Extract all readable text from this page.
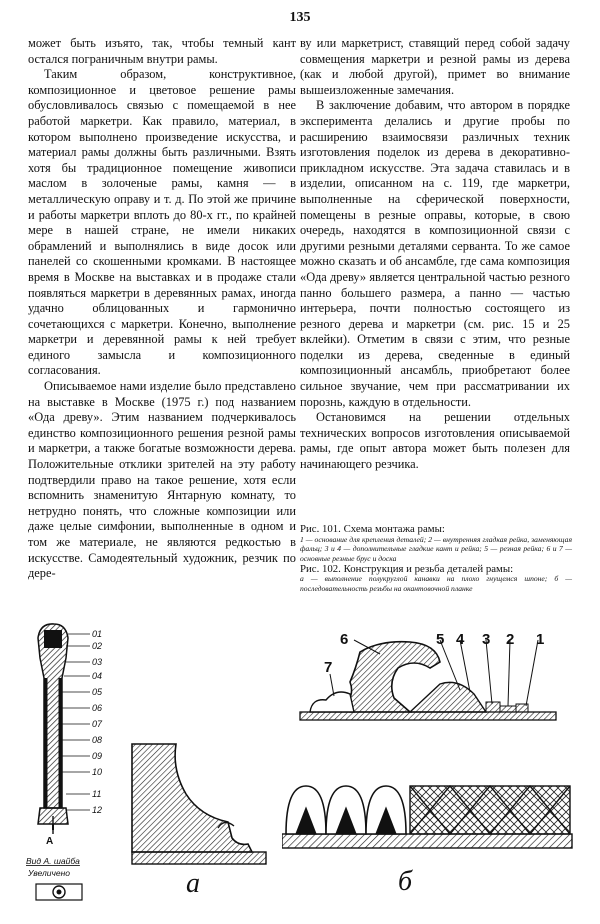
135

может быть изъято, так, чтобы темный кант остался пограничным внутри рамы.

Таким образом, конструктивное, композиционное и цветовое решение рамы обусловливалось связью с помещаемой в нее работой маркетри. Как правило, материал, в котором выполнено произведение искусства, и материал рамы должны быть различными. Взять хотя бы традиционное помещение живописи маслом в золоченые рамы, камня — в металлическую оправу и т. д. По этой же причине и работы маркетри вплоть до 80-х гг., по крайней мере в нашей стране, не имели никаких обрамлений и выполнялись в виде досок или панелей со скошенными кромками. В настоящее время в Москве на выставках и в продаже стали появляться маркетри в деревянных рамах, иногда удачно облицованных и гармонично сочетающихся с маркетри. Конечно, выполнение маркетри и деревянной рамы к ней требует единого замысла и композиционного согласования.

Описываемое нами изделие было представлено на выставке в Москве (1975 г.) под названием «Ода древу». Этим названием подчеркивалось единство композиционного решения резной рамы и маркетри, а также богатые возможности дерева. Положительные отклики зрителей на эту работу подтвердили право на такое решение, хотя если вспомнить знаменитую Янтарную комнату, то нетрудно понять, что сложные композиции или даже целые симфонии, выполненные в одном и том же материале, не являются редкостью в искусстве. Самодеятельный художник, резчик по дере-

ву или маркетрист, ставящий перед собой задачу совмещения маркетри и резной рамы из дерева (как и любой другой), примет во внимание вышеизложенные замечания.

В заключение добавим, что автором в порядке эксперимента делались и другие пробы по расширению взаимосвязи различных техник изготовления поделок из дерева в декоративно-прикладном искусстве. Эта задача ставилась и в изделии, описанном на с. 119, где маркетри, выполненные на сферической поверхности, помещены в резные оправы, которые, в свою очередь, находятся в композиционной связи с другими резными деталями серванта. То же самое можно сказать и об ансамбле, где сама композиция «Ода древу» является центральной частью резного панно большего размера, а панно — частью интерьера, почти полностью состоящего из резного дерева и маркетри (см. рис. 15 и 25 вклейки). Отметим в связи с этим, что резные поделки из дерева, сведенные в единый композиционный ансамбль, приобретают более сильное звучание, чем при рассматривании их порознь, каждую в отдельности.

Остановимся на решении отдельных технических вопросов изготовления описываемой рамы, где опыт автора может быть полезен для начинающего резчика.

Рис. 101. Схема монтажа рамы:
1 — основание для крепления деталей; 2 — внутренняя гладкая рейка, заменяющая фальц; 3 и 4 — дополнительные гладкие кант и рейка; 5 — резная рейка; 6 и 7 — основные резные брус и доска
Рис. 102. Конструкция и резьба деталей рамы:
а — выполнение полукруглой канавки на плохо гнущемся шпоне; б — последовательность резьбы на окантовочной планке
01
02
03
04
05
06
07
08
09
10
11
12
А
Вид А. шайба
Увеличено
6	5 4 3 2 1
7
а	б
